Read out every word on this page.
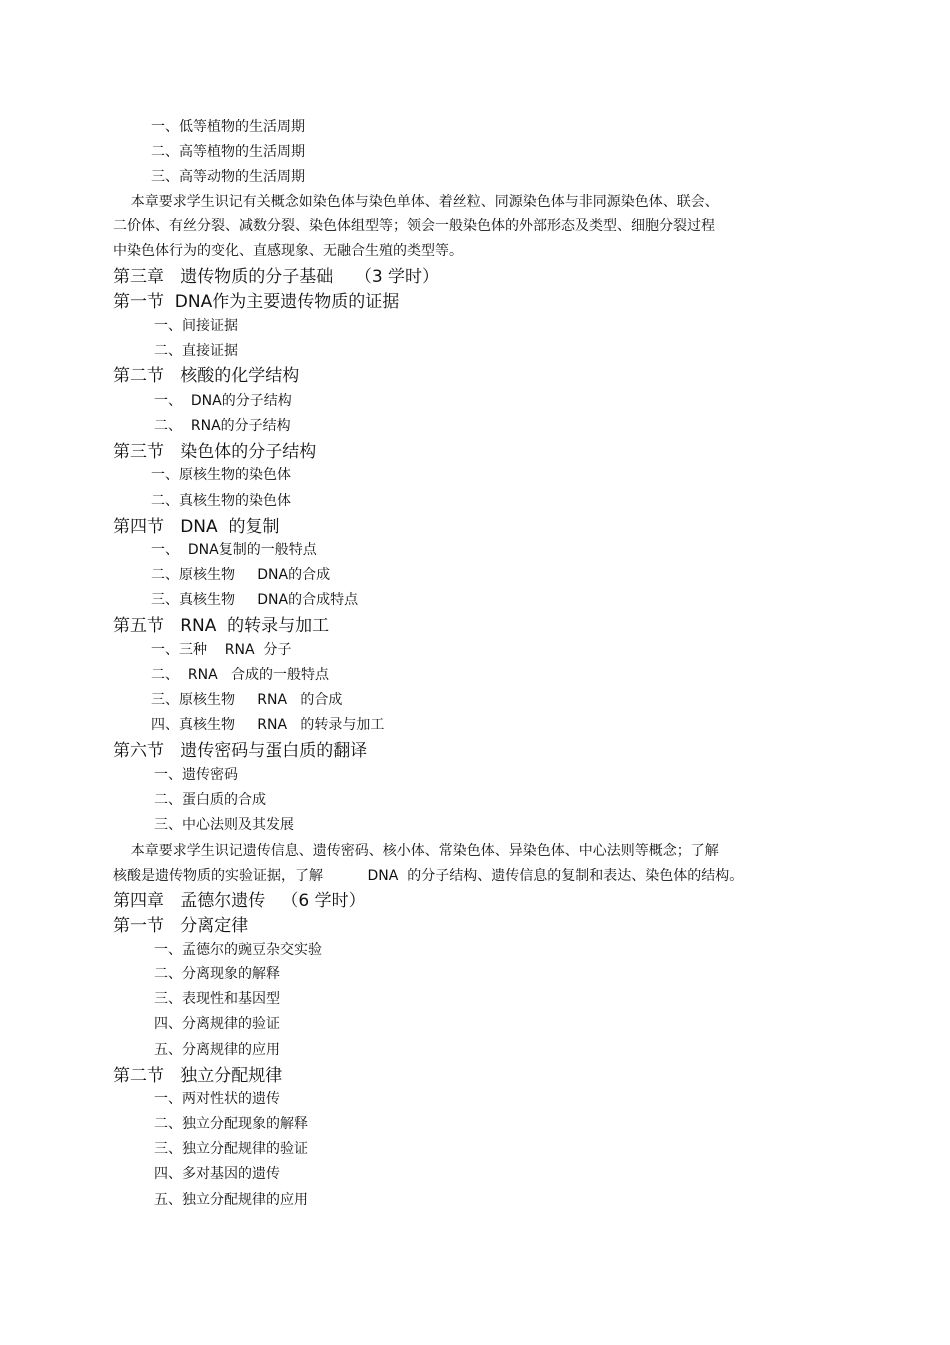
一、低等植物的生活周期
二、高等植物的生活周期
三、高等动物的生活周期
本章要求学生识记有关概念如染色体与染色单体、着丝粒、同源染色体与非同源染色体、联会、
二价体、有丝分裂、减数分裂、染色体组型等；领会一般染色体的外部形态及类型、细胞分裂过程
中染色体行为的变化、直感现象、无融合生殖的类型等。
第三章   遗传物质的分子基础    （3 学时）
第一节  DNA作为主要遗传物质的证据
一、间接证据
二、直接证据
第二节   核酸的化学结构
一、  DNA的分子结构
二、  RNA的分子结构
第三节   染色体的分子结构
一、原核生物的染色体
二、真核生物的染色体
第四节   DNA  的复制
一、  DNA复制的一般特点
二、原核生物     DNA的合成
三、真核生物     DNA的合成特点
第五节   RNA  的转录与加工
一、三种    RNA  分子
二、  RNA   合成的一般特点
三、原核生物     RNA   的合成
四、真核生物     RNA   的转录与加工
第六节   遗传密码与蛋白质的翻译
一、遗传密码
二、蛋白质的合成
三、中心法则及其发展
本章要求学生识记遗传信息、遗传密码、核小体、常染色体、异染色体、中心法则等概念；了解
核酸是遗传物质的实验证据，了解          DNA  的分子结构、遗传信息的复制和表达、染色体的结构。
第四章   孟德尔遗传   （6 学时）
第一节   分离定律
一、孟德尔的豌豆杂交实验
二、分离现象的解释
三、表现性和基因型
四、分离规律的验证
五、分离规律的应用
第二节   独立分配规律
一、两对性状的遗传
二、独立分配现象的解释
三、独立分配规律的验证
四、多对基因的遗传
五、独立分配规律的应用
